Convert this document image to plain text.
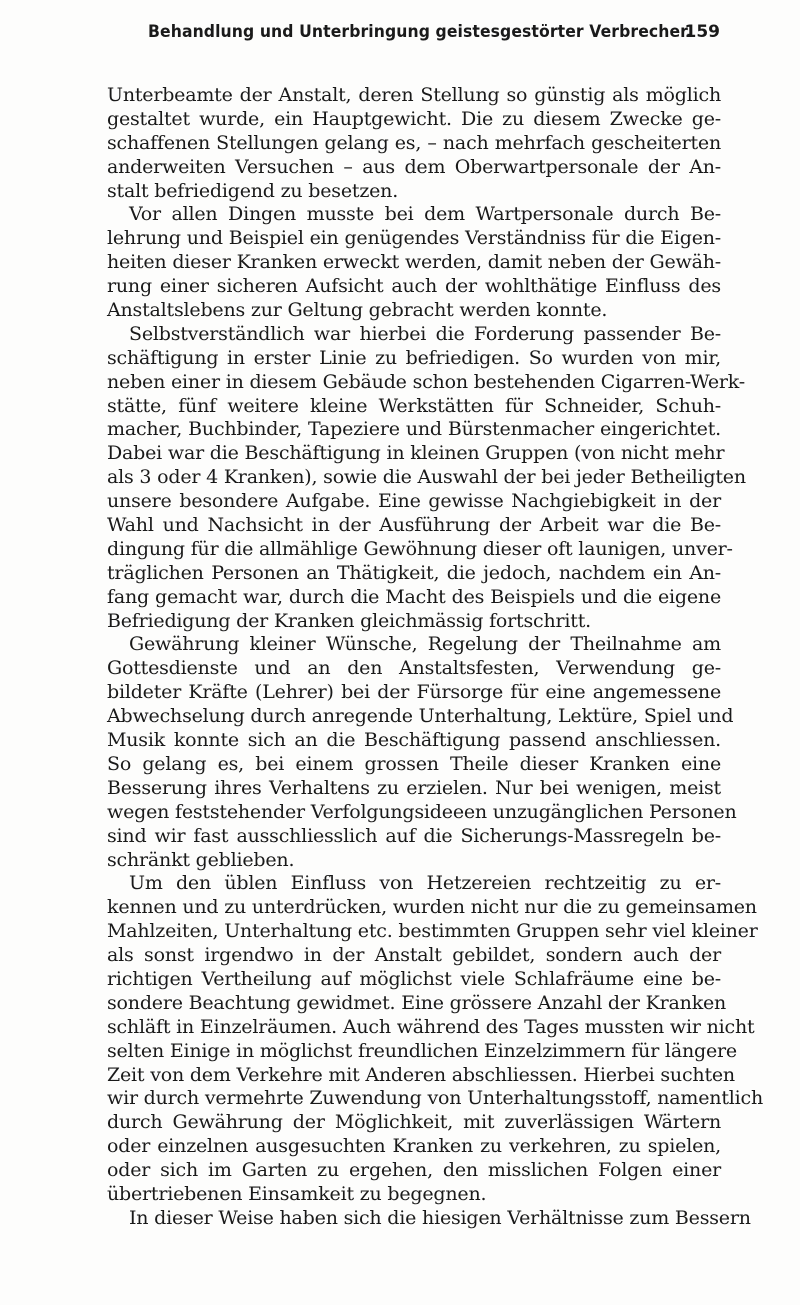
Behandlung und Unterbringung geistesgestörter Verbrecher.
159
Unterbeamte der Anstalt, deren Stellung so günstig als möglich
gestaltet wurde, ein Hauptgewicht. Die zu diesem Zwecke ge-
schaffenen Stellungen gelang es, – nach mehrfach gescheiterten
anderweiten Versuchen – aus dem Oberwartpersonale der An-
stalt befriedigend zu besetzen.
Vor allen Dingen musste bei dem Wartpersonale durch Be-
lehrung und Beispiel ein genügendes Verständniss für die Eigen-
heiten dieser Kranken erweckt werden, damit neben der Gewäh-
rung einer sicheren Aufsicht auch der wohlthätige Einfluss des
Anstaltslebens zur Geltung gebracht werden konnte.
Selbstverständlich war hierbei die Forderung passender Be-
schäftigung in erster Linie zu befriedigen. So wurden von mir,
neben einer in diesem Gebäude schon bestehenden Cigarren-Werk-
stätte, fünf weitere kleine Werkstätten für Schneider, Schuh-
macher, Buchbinder, Tapeziere und Bürstenmacher eingerichtet.
Dabei war die Beschäftigung in kleinen Gruppen (von nicht mehr
als 3 oder 4 Kranken), sowie die Auswahl der bei jeder Betheiligten
unsere besondere Aufgabe. Eine gewisse Nachgiebigkeit in der
Wahl und Nachsicht in der Ausführung der Arbeit war die Be-
dingung für die allmählige Gewöhnung dieser oft launigen, unver-
träglichen Personen an Thätigkeit, die jedoch, nachdem ein An-
fang gemacht war, durch die Macht des Beispiels und die eigene
Befriedigung der Kranken gleichmässig fortschritt.
Gewährung kleiner Wünsche, Regelung der Theilnahme am
Gottesdienste und an den Anstaltsfesten, Verwendung ge-
bildeter Kräfte (Lehrer) bei der Fürsorge für eine angemessene
Abwechselung durch anregende Unterhaltung, Lektüre, Spiel und
Musik konnte sich an die Beschäftigung passend anschliessen.
So gelang es, bei einem grossen Theile dieser Kranken eine
Besserung ihres Verhaltens zu erzielen. Nur bei wenigen, meist
wegen feststehender Verfolgungsideeen unzugänglichen Personen
sind wir fast ausschliesslich auf die Sicherungs-Massregeln be-
schränkt geblieben.
Um den üblen Einfluss von Hetzereien rechtzeitig zu er-
kennen und zu unterdrücken, wurden nicht nur die zu gemeinsamen
Mahlzeiten, Unterhaltung etc. bestimmten Gruppen sehr viel kleiner
als sonst irgendwo in der Anstalt gebildet, sondern auch der
richtigen Vertheilung auf möglichst viele Schlafräume eine be-
sondere Beachtung gewidmet. Eine grössere Anzahl der Kranken
schläft in Einzelräumen. Auch während des Tages mussten wir nicht
selten Einige in möglichst freundlichen Einzelzimmern für längere
Zeit von dem Verkehre mit Anderen abschliessen. Hierbei suchten
wir durch vermehrte Zuwendung von Unterhaltungsstoff, namentlich
durch Gewährung der Möglichkeit, mit zuverlässigen Wärtern
oder einzelnen ausgesuchten Kranken zu verkehren, zu spielen,
oder sich im Garten zu ergehen, den misslichen Folgen einer
übertriebenen Einsamkeit zu begegnen.
In dieser Weise haben sich die hiesigen Verhältnisse zum Bessern
